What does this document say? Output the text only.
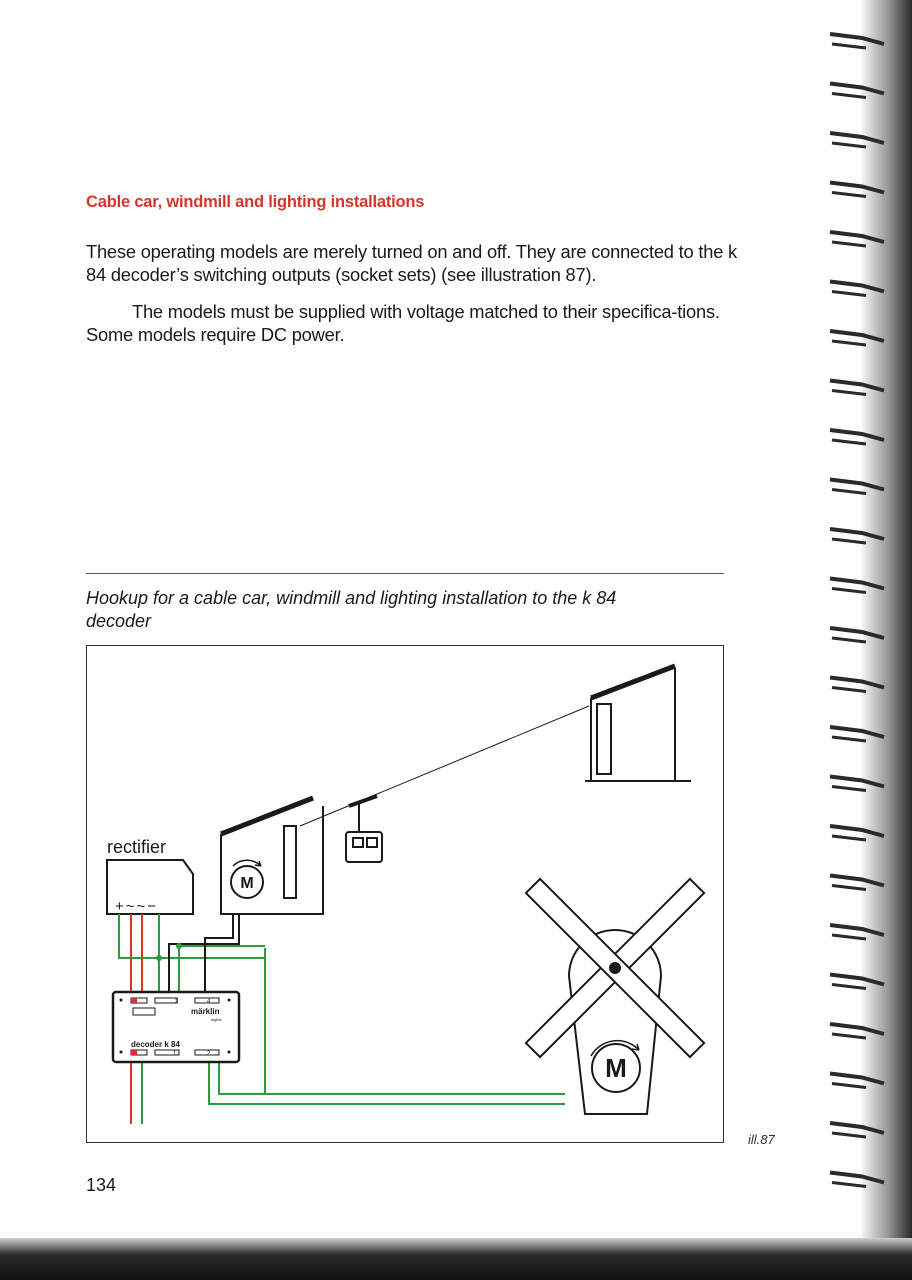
Cable car, windmill and lighting installations

These operating models are merely turned on and off. They are connected to the k 84 decoder’s switching outputs (socket sets) (see illustration 87).

The models must be supplied with voltage matched to their specifica-tions. Some models require DC power.

Hookup for a cable car, windmill and lighting installation to the k 84 decoder

M
rectifier
+~~−
3	4
1	2
märklin
digital
decoder k 84
M
ill.87
134
